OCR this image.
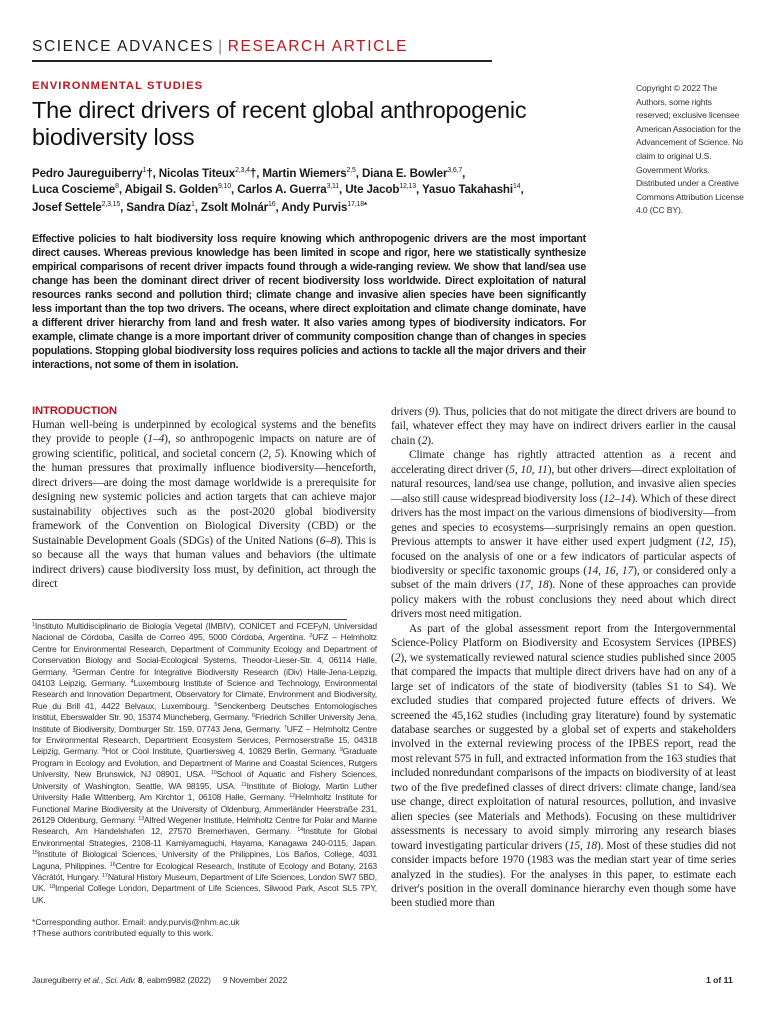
SCIENCE ADVANCES | RESEARCH ARTICLE
ENVIRONMENTAL STUDIES
The direct drivers of recent global anthropogenic biodiversity loss
Pedro Jaureguiberry$^1$†, Nicolas Titeux$^{2,3,4}$†, Martin Wiemers$^{2,5}$, Diana E. Bowler$^{3,6,7}$,
Luca Coscieme$^8$, Abigail S. Golden$^{9,10}$, Carlos A. Guerra$^{3,11}$, Ute Jacob$^{12,13}$, Yasuo Takahashi$^{14}$,
Josef Settele$^{2,3,15}$, Sandra Díaz$^1$, Zsolt Molnár$^{16}$, Andy Purvis$^{17,18*}$
Copyright © 2022 The Authors, some rights reserved; exclusive licensee American Association for the Advancement of Science. No claim to original U.S. Government Works. Distributed under a Creative Commons Attribution License 4.0 (CC BY).

Effective policies to halt biodiversity loss require knowing which anthropogenic drivers are the most important direct causes. Whereas previous knowledge has been limited in scope and rigor, here we statistically synthesize empirical comparisons of recent driver impacts found through a wide-ranging review. We show that land/sea use change has been the dominant direct driver of recent biodiversity loss worldwide. Direct exploitation of natural resources ranks second and pollution third; climate change and invasive alien species have been significantly less important than the top two drivers. The oceans, where direct exploitation and climate change dominate, have a different driver hierarchy from land and fresh water. It also varies among types of biodiversity indicators. For example, climate change is a more important driver of community composition change than of changes in species populations. Stopping global biodiversity loss requires policies and actions to tackle all the major drivers and their interactions, not some of them in isolation.

INTRODUCTION

Human well-being is underpinned by ecological systems and the benefits they provide to people (1–4), so anthropogenic impacts on nature are of growing scientific, political, and societal concern (2, 5). Knowing which of the human pressures that proximally influence biodiversity—henceforth, direct drivers—are doing the most damage worldwide is a prerequisite for designing new systemic policies and action targets that can achieve major sustainability objectives such as the post-2020 global biodiversity framework of the Convention on Biological Diversity (CBD) or the Sustainable Development Goals (SDGs) of the United Nations (6–8). This is so because all the ways that human values and behaviors (the ultimate indirect drivers) cause biodiversity loss must, by definition, act through the direct

$^1$Instituto Multidisciplinario de Biología Vegetal (IMBIV), CONICET and FCEFyN, Universidad Nacional de Córdoba, Casilla de Correo 495, 5000 Córdoba, Argentina. $^2$UFZ – Helmholtz Centre for Environmental Research, Department of Community Ecology and Department of Conservation Biology and Social-Ecological Systems, Theodor-Lieser-Str. 4, 06114 Halle, Germany. $^3$German Centre for Integrative Biodiversity Research (iDiv) Halle-Jena-Leipzig, 04103 Leipzig, Germany. $^4$Luxembourg Institute of Science and Technology, Environmental Research and Innovation Department, Observatory for Climate, Environment and Biodiversity, Rue du Brill 41, 4422 Belvaux, Luxembourg. $^5$Senckenberg Deutsches Entomologisches Institut, Eberswalder Str. 90, 15374 Müncheberg, Germany. $^6$Friedrich Schiller University Jena, Institute of Biodiversity, Dornburger Str. 159, 07743 Jena, Germany. $^7$UFZ – Helmholtz Centre for Environmental Research, Department Ecosystem Services, Permoserstraße 15, 04318 Leipzig, Germany. $^8$Hot or Cool Institute, Quartiersweg 4, 10829 Berlin, Germany. $^9$Graduate Program in Ecology and Evolution, and Department of Marine and Coastal Sciences, Rutgers University, New Brunswick, NJ 08901, USA. $^{10}$School of Aquatic and Fishery Sciences, University of Washington, Seattle, WA 98195, USA. $^{11}$Institute of Biology, Martin Luther University Halle Wittenberg, Am Kirchtor 1, 06108 Halle, Germany. $^{12}$Helmholtz Institute for Functional Marine Biodiversity at the University of Oldenburg, Ammerländer Heerstraße 231, 26129 Oldenburg, Germany. $^{13}$Alfred Wegener Institute, Helmholtz Centre for Polar and Marine Research, Am Handelshafen 12, 27570 Bremerhaven, Germany. $^{14}$Institute for Global Environmental Strategies, 2108-11 Kamiyamaguchi, Hayama, Kanagawa 240-0115, Japan. $^{15}$Institute of Biological Sciences, University of the Philippines, Los Baños, College, 4031 Laguna, Philippines. $^{16}$Centre for Ecological Research, Institute of Ecology and Botany, 2163 Vácrátót, Hungary. $^{17}$Natural History Museum, Department of Life Sciences, London SW7 5BD, UK. $^{18}$Imperial College London, Department of Life Sciences, Silwood Park, Ascot SL5 7PY, UK.

*Corresponding author. Email: andy.purvis@nhm.ac.uk
†These authors contributed equally to this work.

drivers (9). Thus, policies that do not mitigate the direct drivers are bound to fail, whatever effect they may have on indirect drivers earlier in the causal chain (2).

Climate change has rightly attracted attention as a recent and accelerating direct driver (5, 10, 11), but other drivers—direct exploitation of natural resources, land/sea use change, pollution, and invasive alien species—also still cause widespread biodiversity loss (12–14). Which of these direct drivers has the most impact on the various dimensions of biodiversity—from genes and species to ecosystems—surprisingly remains an open question. Previous attempts to answer it have either used expert judgment (12, 15), focused on the analysis of one or a few indicators of particular aspects of biodiversity or specific taxonomic groups (14, 16, 17), or considered only a subset of the main drivers (17, 18). None of these approaches can provide policy makers with the robust conclusions they need about which direct drivers most need mitigation.

As part of the global assessment report from the Intergovernmental Science-Policy Platform on Biodiversity and Ecosystem Services (IPBES) (2), we systematically reviewed natural science studies published since 2005 that compared the impacts that multiple direct drivers have had on any of a large set of indicators of the state of biodiversity (tables S1 to S4). We excluded studies that compared projected future effects of drivers. We screened the 45,162 studies (including gray literature) found by systematic database searches or suggested by a global set of experts and stakeholders involved in the external reviewing process of the IPBES report, read the most relevant 575 in full, and extracted information from the 163 studies that included nonredundant comparisons of the impacts on biodiversity of at least two of the five predefined classes of direct drivers: climate change, land/sea use change, direct exploitation of natural resources, pollution, and invasive alien species (see Materials and Methods). Focusing on these multidriver assessments is necessary to avoid simply mirroring any research biases toward investigating particular drivers (15, 18). Most of these studies did not consider impacts before 1970 (1983 was the median start year of time series analyzed in the studies). For the analyses in this paper, to estimate each driver's position in the overall dominance hierarchy even though some have been studied more than

Jaureguiberry et al., Sci. Adv. 8, eabm9982 (2022) 9 November 2022	1 of 11
